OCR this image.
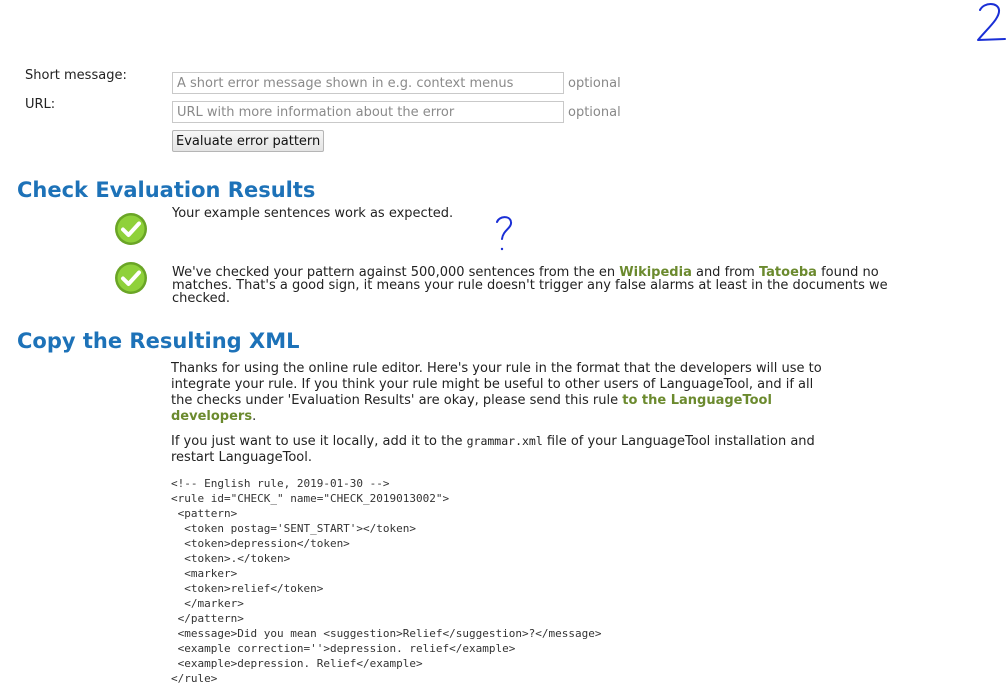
Short message:
A short error message shown in e.g. context menus
optional
URL:
URL with more information about the error
optional
Evaluate error pattern
Check Evaluation Results
Your example sentences work as expected.
We've checked your pattern against 500,000 sentences from the en Wikipedia and from Tatoeba found no matches. That's a good sign, it means your rule doesn't trigger any false alarms at least in the documents we checked.
Copy the Resulting XML
Thanks for using the online rule editor. Here's your rule in the format that the developers will use to integrate your rule. If you think your rule might be useful to other users of LanguageTool, and if all the checks under 'Evaluation Results' are okay, please send this rule to the LanguageTool developers.
If you just want to use it locally, add it to the grammar.xml file of your LanguageTool installation and restart LanguageTool.
<!-- English rule, 2019-01-30 -->
<rule id="CHECK_" name="CHECK_2019013002">
<pattern>
<token postag='SENT_START'></token>
<token>depression</token>
<token>.</token>
<marker>
<token>relief</token>
</marker>
</pattern>
<message>Did you mean <suggestion>Relief</suggestion>?</message>
<example correction=''>depression. relief</example>
<example>depression. Relief</example>
</rule>
